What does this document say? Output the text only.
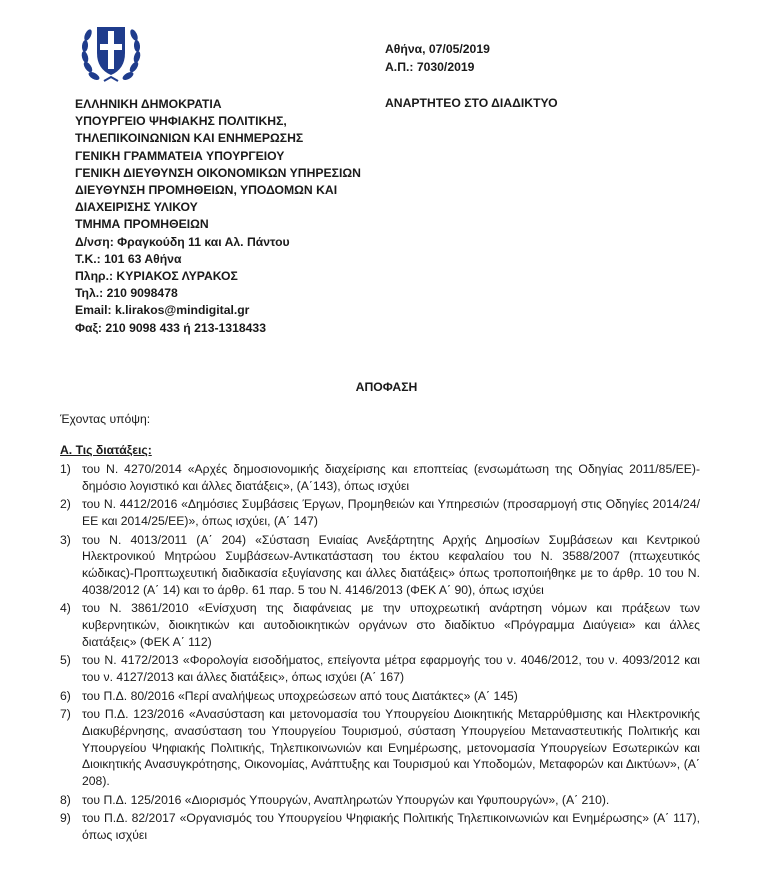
Αθήνα, 07/05/2019
Α.Π.: 7030/2019
ΑΝΑΡΤΗΤΕΟ ΣΤΟ ΔΙΑΔΙΚΤΥΟ
ΕΛΛΗΝΙΚΗ ΔΗΜΟΚΡΑΤΙΑ
ΥΠΟΥΡΓΕΙΟ ΨΗΦΙΑΚΗΣ ΠΟΛΙΤΙΚΗΣ,
ΤΗΛΕΠΙΚΟΙΝΩΝΙΩΝ ΚΑΙ ΕΝΗΜΕΡΩΣΗΣ
ΓΕΝΙΚΗ ΓΡΑΜΜΑΤΕΙΑ ΥΠΟΥΡΓΕΙΟΥ
ΓΕΝΙΚΗ ΔΙΕΥΘΥΝΣΗ ΟΙΚΟΝΟΜΙΚΩΝ ΥΠΗΡΕΣΙΩΝ
ΔΙΕΥΘΥΝΣΗ ΠΡΟΜΗΘΕΙΩΝ, ΥΠΟΔΟΜΩΝ ΚΑΙ
ΔΙΑΧΕΙΡΙΣΗΣ ΥΛΙΚΟΥ
ΤΜΗΜΑ ΠΡΟΜΗΘΕΙΩΝ
Δ/νση: Φραγκούδη 11 και Αλ. Πάντου
Τ.Κ.: 101 63 Αθήνα
Πληρ.: ΚΥΡΙΑΚΟΣ ΛΥΡΑΚΟΣ
Τηλ.: 210 9098478
Email: k.lirakos@mindigital.gr
Φαξ: 210 9098 433 ή 213-1318433
ΑΠΟΦΑΣΗ
Έχοντας υπόψη:
Α. Τις διατάξεις:
1) του Ν. 4270/2014 «Αρχές δημοσιονομικής διαχείρισης και εποπτείας (ενσωμάτωση της Οδηγίας 2011/85/ΕΕ)-δημόσιο λογιστικό και άλλες διατάξεις», (Α΄143), όπως ισχύει
2) του Ν. 4412/2016 «Δημόσιες Συμβάσεις Έργων, Προμηθειών και Υπηρεσιών (προσαρμογή στις Οδηγίες 2014/24/ΕΕ και 2014/25/ΕΕ)», όπως ισχύει, (Α΄ 147)
3) του Ν. 4013/2011 (Α΄ 204) «Σύσταση Ενιαίας Ανεξάρτητης Αρχής Δημοσίων Συμβάσεων και Κεντρικού Ηλεκτρονικού Μητρώου Συμβάσεων-Αντικατάσταση του έκτου κεφαλαίου του Ν. 3588/2007 (πτωχευτικός κώδικας)-Προπτωχευτική διαδικασία εξυγίανσης και άλλες διατάξεις» όπως τροποποιήθηκε με το άρθρ. 10 του Ν. 4038/2012 (Α΄ 14) και το άρθρ. 61 παρ. 5 του Ν. 4146/2013 (ΦΕΚ Α΄ 90), όπως ισχύει
4) του Ν. 3861/2010 «Ενίσχυση της διαφάνειας με την υποχρεωτική ανάρτηση νόμων και πράξεων των κυβερνητικών, διοικητικών και αυτοδιοικητικών οργάνων στο διαδίκτυο «Πρόγραμμα Διαύγεια» και άλλες διατάξεις» (ΦΕΚ Α΄ 112)
5) του Ν. 4172/2013 «Φορολογία εισοδήματος, επείγοντα μέτρα εφαρμογής του ν. 4046/2012, του ν. 4093/2012 και του ν. 4127/2013 και άλλες διατάξεις», όπως ισχύει (Α΄ 167)
6) του Π.Δ. 80/2016 «Περί αναλήψεως υποχρεώσεων από τους Διατάκτες» (Α΄ 145)
7) του Π.Δ. 123/2016 «Ανασύσταση και μετονομασία του Υπουργείου Διοικητικής Μεταρρύθμισης και Ηλεκτρονικής Διακυβέρνησης, ανασύσταση του Υπουργείου Τουρισμού, σύσταση Υπουργείου Μεταναστευτικής Πολιτικής και Υπουργείου Ψηφιακής Πολιτικής, Τηλεπικοινωνιών και Ενημέρωσης, μετονομασία Υπουργείων Εσωτερικών και Διοικητικής Ανασυγκρότησης, Οικονομίας, Ανάπτυξης και Τουρισμού και Υποδομών, Μεταφορών και Δικτύων», (Α΄ 208).
8) του Π.Δ. 125/2016 «Διορισμός Υπουργών, Αναπληρωτών Υπουργών και Υφυπουργών», (Α΄ 210).
9) του Π.Δ. 82/2017 «Οργανισμός του Υπουργείου Ψηφιακής Πολιτικής Τηλεπικοινωνιών και Ενημέρωσης» (Α΄ 117), όπως ισχύει
